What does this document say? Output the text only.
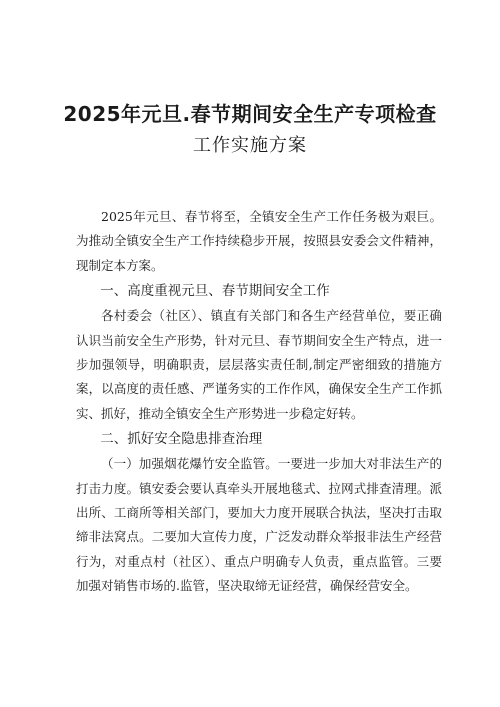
2025年元旦.春节期间安全生产专项检查
工作实施方案

2025年元旦、春节将至，全镇安全生产工作任务极为艰巨。为推动全镇安全生产工作持续稳步开展，按照县安委会文件精神，现制定本方案。

一、高度重视元旦、春节期间安全工作

各村委会（社区）、镇直有关部门和各生产经营单位，要正确认识当前安全生产形势，针对元旦、春节期间安全生产特点，进一步加强领导，明确职责，层层落实责任制,制定严密细致的措施方案，以高度的责任感、严谨务实的工作作风，确保安全生产工作抓实、抓好，推动全镇安全生产形势进一步稳定好转。

二、抓好安全隐患排查治理

（一）加强烟花爆竹安全监管。一要进一步加大对非法生产的打击力度。镇安委会要认真牵头开展地毯式、拉网式排查清理。派出所、工商所等相关部门，要加大力度开展联合执法，坚决打击取缔非法窝点。二要加大宣传力度，广泛发动群众举报非法生产经营行为，对重点村（社区）、重点户明确专人负责，重点监管。三要加强对销售市场的.监管，坚决取缔无证经营，确保经营安全。
